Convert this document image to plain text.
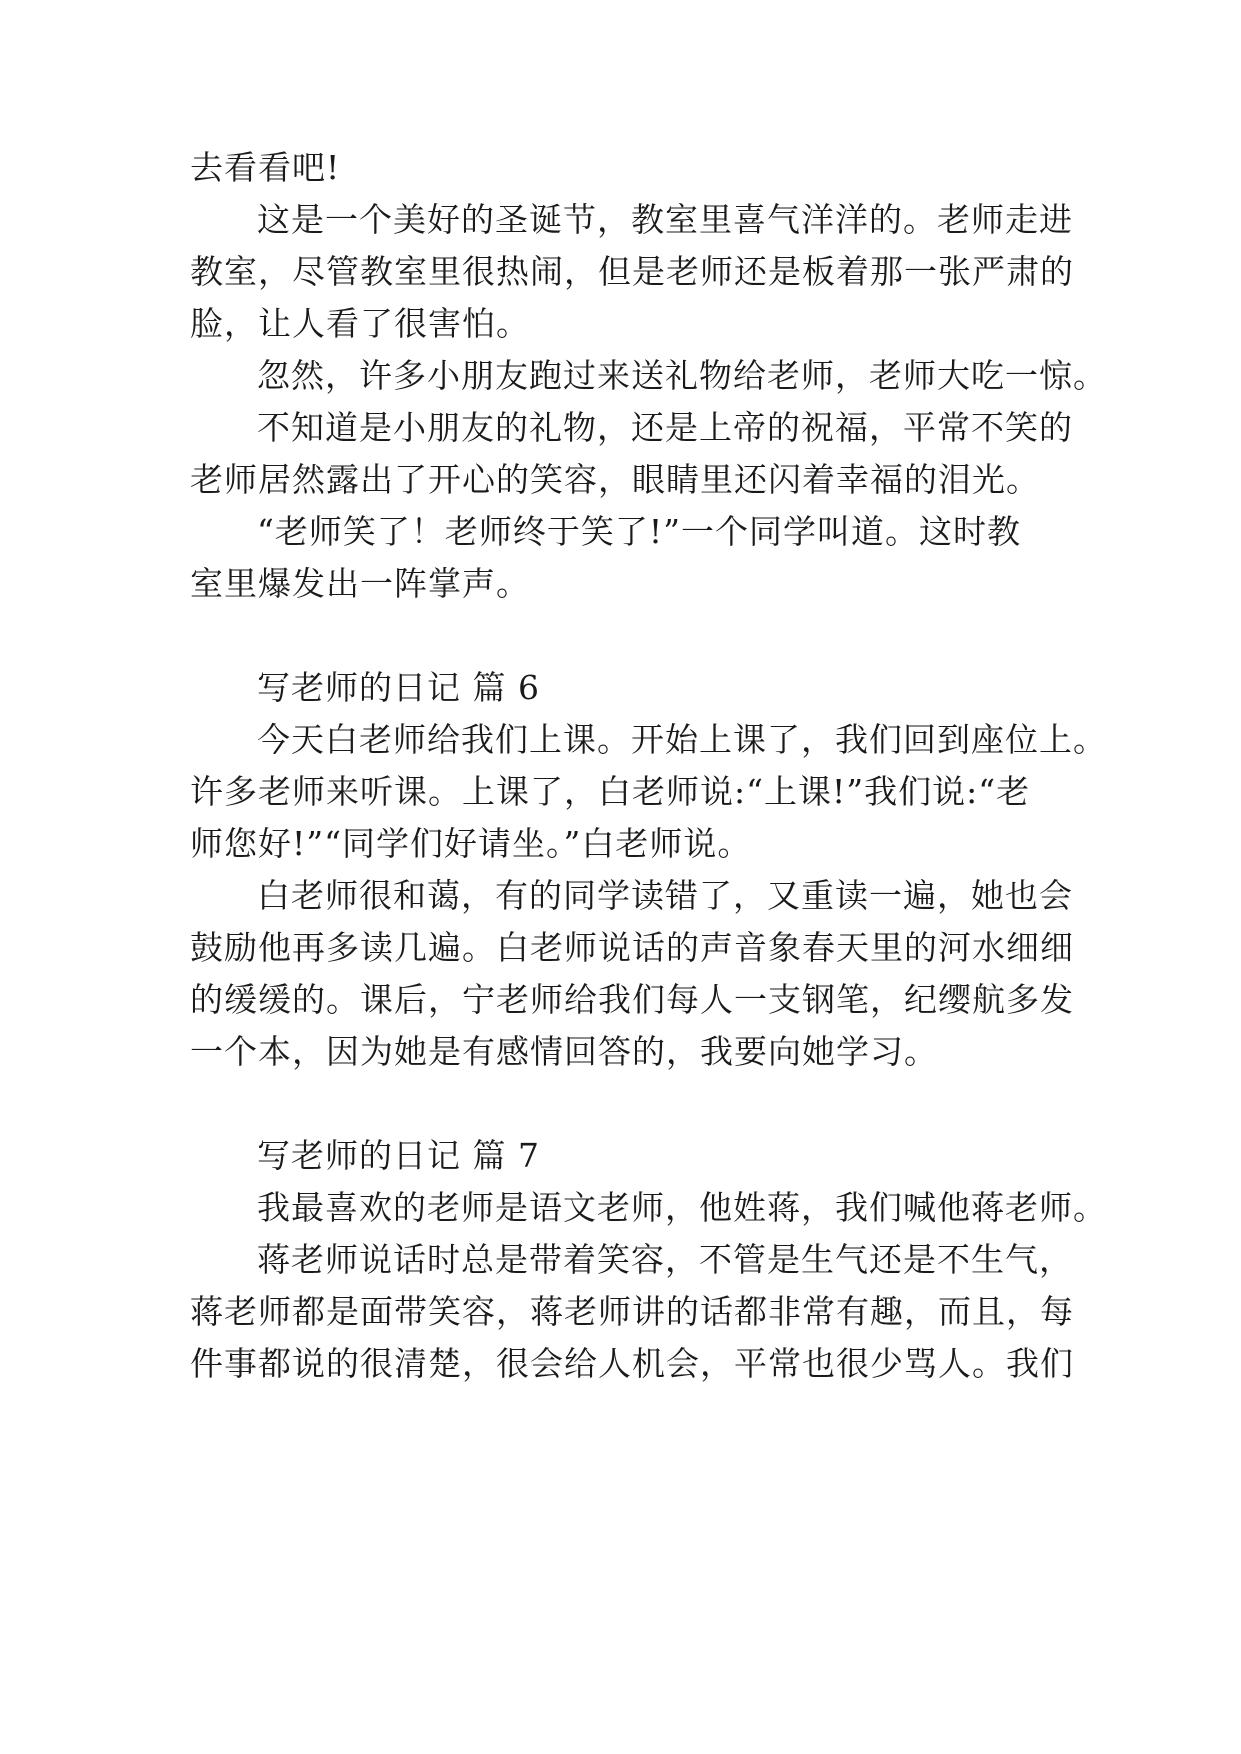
去看看吧!
这是一个美好的圣诞节，教室里喜气洋洋的。老师走进
教室，尽管教室里很热闹，但是老师还是板着那一张严肃的
脸，让人看了很害怕。
忽然，许多小朋友跑过来送礼物给老师，老师大吃一惊。
不知道是小朋友的礼物，还是上帝的祝福，平常不笑的
老师居然露出了开心的笑容，眼睛里还闪着幸福的泪光。
“老师笑了！老师终于笑了!”一个同学叫道。这时教
室里爆发出一阵掌声。
写老师的日记 篇 6
今天白老师给我们上课。开始上课了，我们回到座位上。
许多老师来听课。上课了，白老师说:“上课!”我们说:“老
师您好!”“同学们好请坐。”白老师说。
白老师很和蔼，有的同学读错了，又重读一遍，她也会
鼓励他再多读几遍。白老师说话的声音象春天里的河水细细
的缓缓的。课后，宁老师给我们每人一支钢笔，纪缨航多发
一个本，因为她是有感情回答的，我要向她学习。
写老师的日记 篇 7
我最喜欢的老师是语文老师，他姓蒋，我们喊他蒋老师。
蒋老师说话时总是带着笑容，不管是生气还是不生气，
蒋老师都是面带笑容，蒋老师讲的话都非常有趣，而且，每
件事都说的很清楚，很会给人机会，平常也很少骂人。我们
